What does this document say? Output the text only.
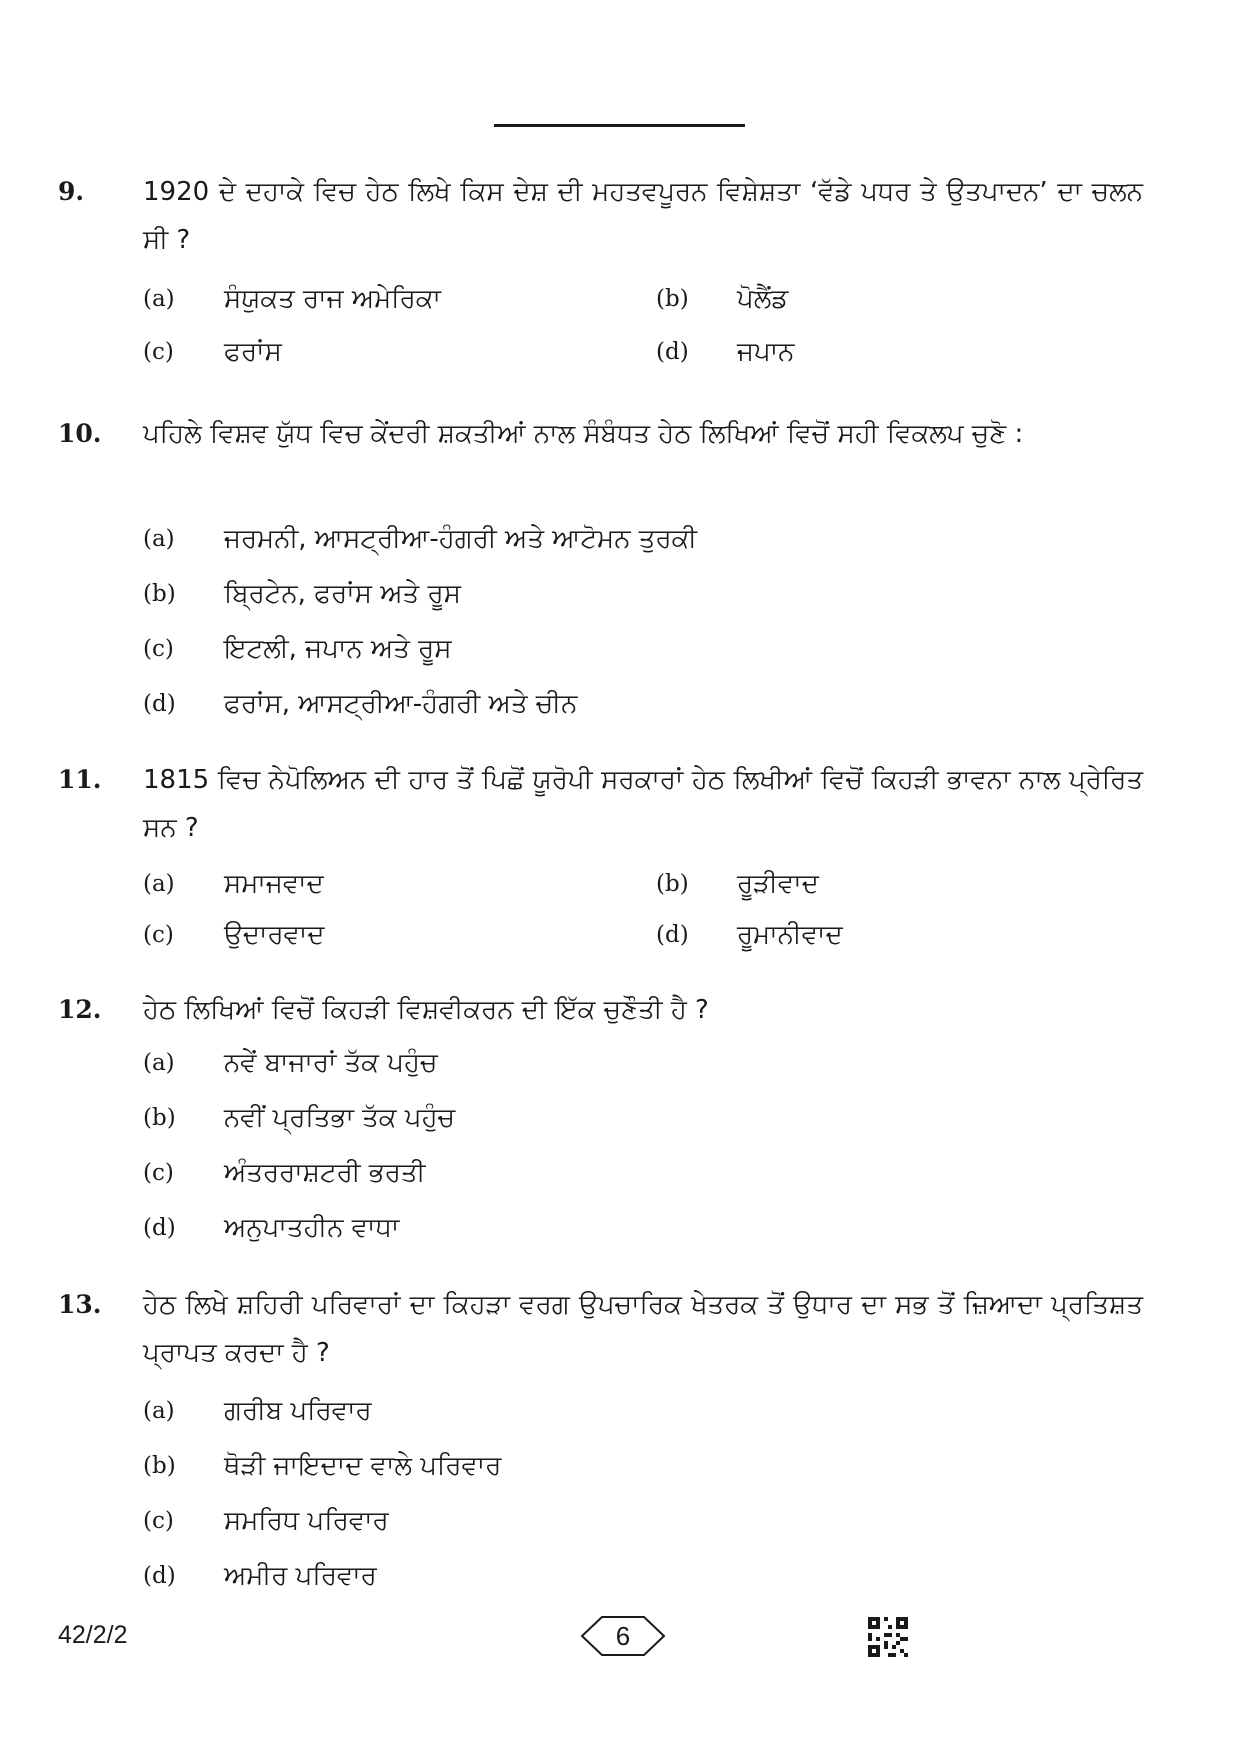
9. 1920 ਦੇ ਦਹਾਕੇ ਵਿਚ ਹੇਠ ਲਿਖੇ ਕਿਸ ਦੇਸ਼ ਦੀ ਮਹਤਵਪੂਰਨ ਵਿਸ਼ੇਸ਼ਤਾ ‘ਵੱਡੇ ਪਧਰ ਤੇ ਉਤਪਾਦਨ’ ਦਾ ਚਲਨ ਸੀ ?
(a) ਸੰਯੁਕਤ ਰਾਜ ਅਮੇਰਿਕਾ	(b) ਪੋਲੈਂਡ
(c) ਫਰਾਂਸ	(d) ਜਪਾਨ
10. ਪਹਿਲੇ ਵਿਸ਼ਵ ਯੁੱਧ ਵਿਚ ਕੇਂਦਰੀ ਸ਼ਕਤੀਆਂ ਨਾਲ ਸੰਬੰਧਤ ਹੇਠ ਲਿਖਿਆਂ ਵਿਚੋਂ ਸਹੀ ਵਿਕਲਪ ਚੁਣੋ :
(a) ਜਰਮਨੀ, ਆਸਟ੍ਰੀਆ-ਹੰਗਰੀ ਅਤੇ ਆਟੋਮਨ ਤੁਰਕੀ
(b) ਬ੍ਰਿਟੇਨ, ਫਰਾਂਸ ਅਤੇ ਰੂਸ
(c) ਇਟਲੀ, ਜਪਾਨ ਅਤੇ ਰੂਸ
(d) ਫਰਾਂਸ, ਆਸਟ੍ਰੀਆ-ਹੰਗਰੀ ਅਤੇ ਚੀਨ
11. 1815 ਵਿਚ ਨੇਪੋਲਿਅਨ ਦੀ ਹਾਰ ਤੋਂ ਪਿਛੋਂ ਯੂਰੋਪੀ ਸਰਕਾਰਾਂ ਹੇਠ ਲਿਖੀਆਂ ਵਿਚੋਂ ਕਿਹੜੀ ਭਾਵਨਾ ਨਾਲ ਪ੍ਰੇਰਿਤ ਸਨ ?
(a) ਸਮਾਜਵਾਦ	(b) ਰੂੜੀਵਾਦ
(c) ਉਦਾਰਵਾਦ	(d) ਰੂਮਾਨੀਵਾਦ
12. ਹੇਠ ਲਿਖਿਆਂ ਵਿਚੋਂ ਕਿਹੜੀ ਵਿਸ਼ਵੀਕਰਨ ਦੀ ਇੱਕ ਚੁਣੌਤੀ ਹੈ ?
(a) ਨਵੇਂ ਬਾਜਾਰਾਂ ਤੱਕ ਪਹੁੰਚ
(b) ਨਵੀਂ ਪ੍ਰਤਿਭਾ ਤੱਕ ਪਹੁੰਚ
(c) ਅੰਤਰਰਾਸ਼ਟਰੀ ਭਰਤੀ
(d) ਅਨੁਪਾਤਹੀਨ ਵਾਧਾ
13. ਹੇਠ ਲਿਖੇ ਸ਼ਹਿਰੀ ਪਰਿਵਾਰਾਂ ਦਾ ਕਿਹੜਾ ਵਰਗ ਉਪਚਾਰਿਕ ਖੇਤਰਕ ਤੋਂ ਉਧਾਰ ਦਾ ਸਭ ਤੋਂ ਜ਼ਿਆਦਾ ਪ੍ਰਤਿਸ਼ਤ ਪ੍ਰਾਪਤ ਕਰਦਾ ਹੈ ?
(a) ਗਰੀਬ ਪਰਿਵਾਰ
(b) ਥੋੜੀ ਜਾਇਦਾਦ ਵਾਲੇ ਪਰਿਵਾਰ
(c) ਸਮਰਿਧ ਪਰਿਵਾਰ
(d) ਅਮੀਰ ਪਰਿਵਾਰ
42/2/2	6
